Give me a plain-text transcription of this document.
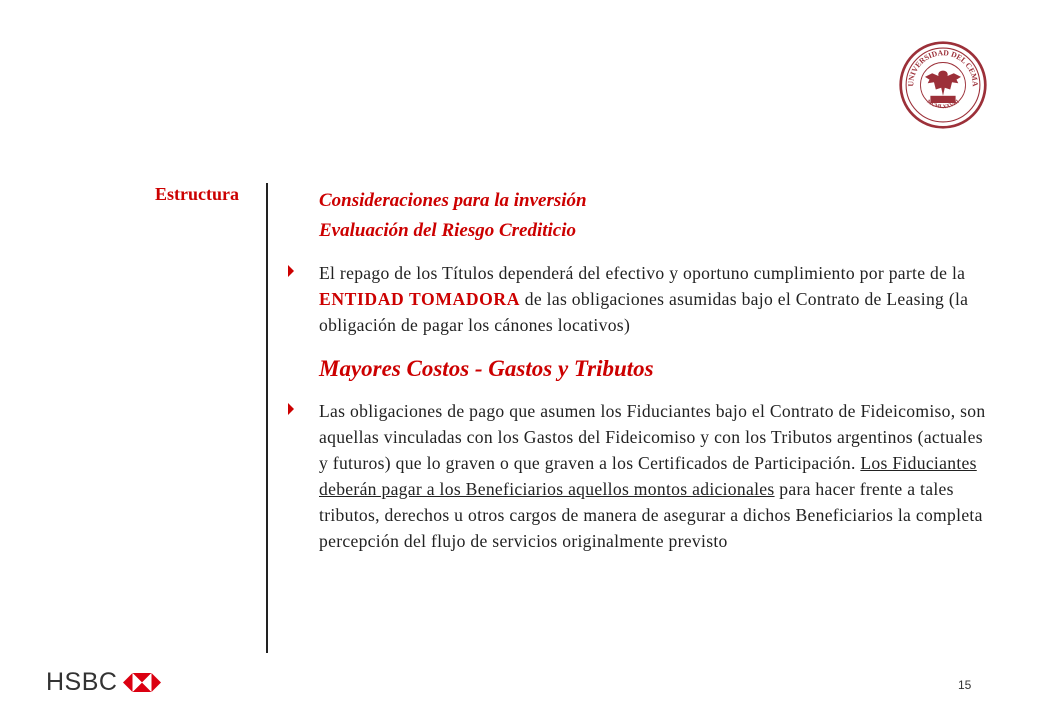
UNIVERSIDAD DEL CEMA
MCMLXXVIII
Estructura	Consideraciones para la inversión
Evaluación del Riesgo Crediticio
El repago de los Títulos dependerá del efectivo y oportuno cumplimiento por parte de la ENTIDAD TOMADORA de las obligaciones asumidas bajo el Contrato de Leasing (la obligación de pagar los cánones locativos)
Mayores Costos - Gastos y Tributos
Las obligaciones de pago que asumen los Fiduciantes bajo el Contrato de Fideicomiso, son aquellas vinculadas con los Gastos del Fideicomiso y con los Tributos argentinos (actuales y futuros) que lo graven o que graven a los Certificados de Participación. Los Fiduciantes deberán pagar a los Beneficiarios aquellos montos adicionales para hacer frente a tales tributos, derechos u otros cargos de manera de asegurar a dichos Beneficiarios la completa percepción del flujo de servicios originalmente previsto
HSBC	15
